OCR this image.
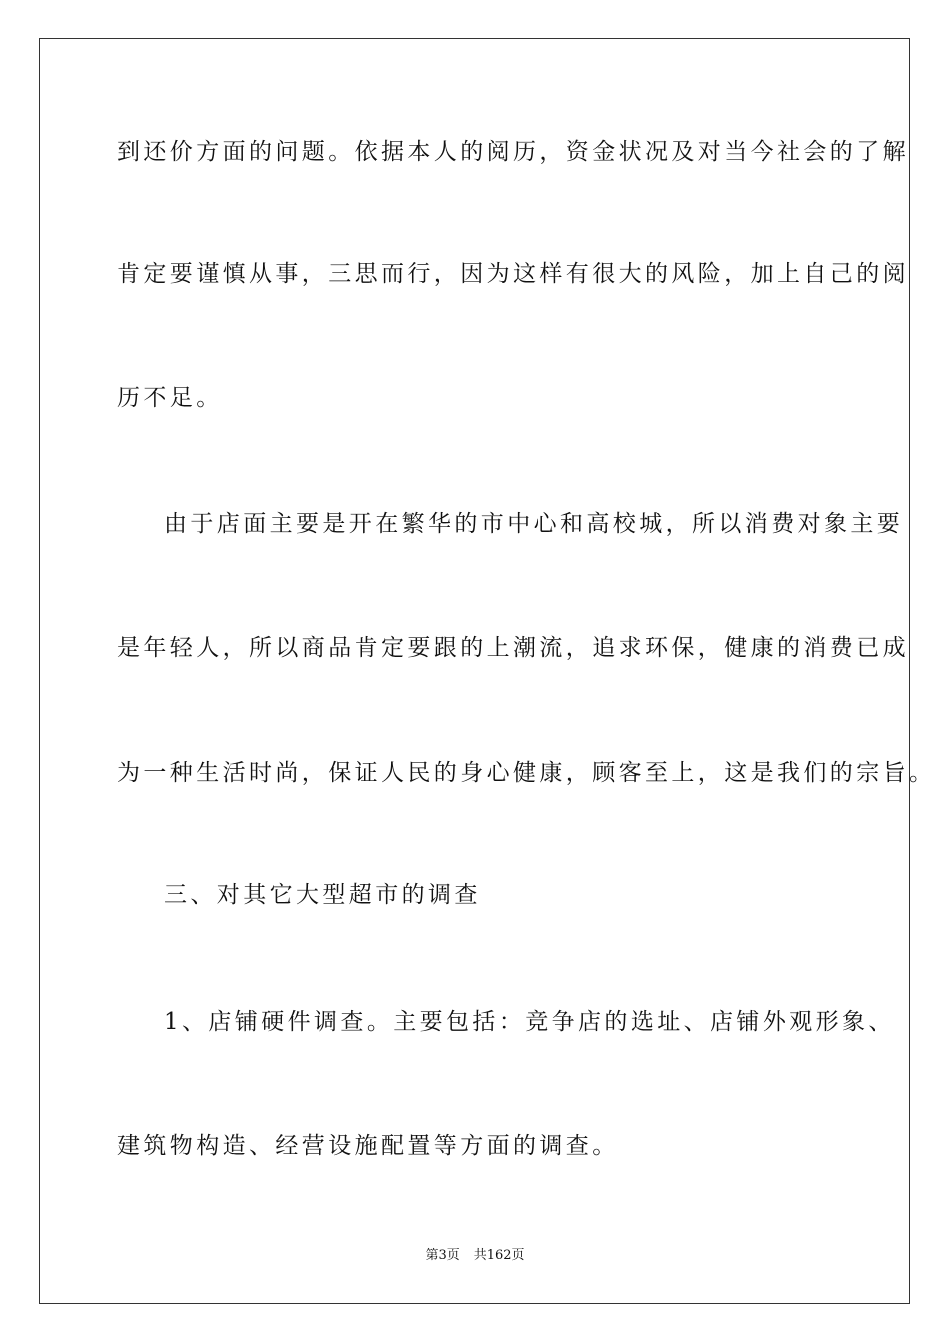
到还价方面的问题。依据本人的阅历，资金状况及对当今社会的了解
肯定要谨慎从事，三思而行，因为这样有很大的风险，加上自己的阅
历不足。
由于店面主要是开在繁华的市中心和高校城，所以消费对象主要
是年轻人，所以商品肯定要跟的上潮流，追求环保，健康的消费已成
为一种生活时尚，保证人民的身心健康，顾客至上，这是我们的宗旨。
三、对其它大型超市的调查
1、店铺硬件调查。主要包括：竞争店的选址、店铺外观形象、
建筑物构造、经营设施配置等方面的调查。
第3页 共162页
